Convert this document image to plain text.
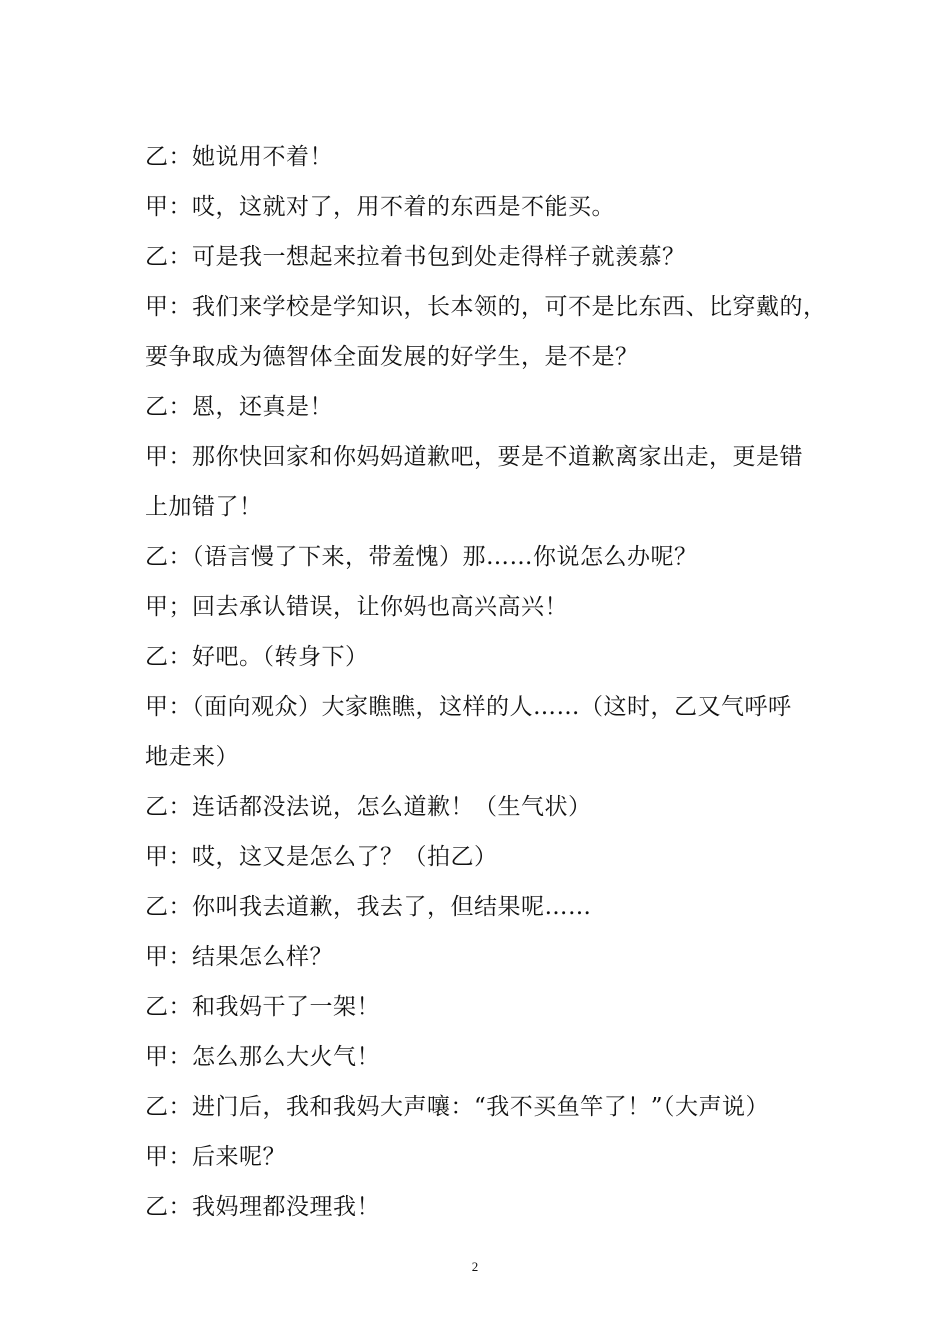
乙：她说用不着！
甲：哎，这就对了，用不着的东西是不能买。
乙：可是我一想起来拉着书包到处走得样子就羡慕？
甲：我们来学校是学知识，长本领的，可不是比东西、比穿戴的，
要争取成为德智体全面发展的好学生，是不是？
乙：恩，还真是！
甲：那你快回家和你妈妈道歉吧，要是不道歉离家出走，更是错
上加错了！
乙：（语言慢了下来，带羞愧）那……你说怎么办呢？
甲；回去承认错误，让你妈也高兴高兴！
乙：好吧。（转身下）
甲：（面向观众）大家瞧瞧，这样的人……（这时，乙又气呼呼
地走来）
乙：连话都没法说，怎么道歉！（生气状）
甲：哎，这又是怎么了？（拍乙）
乙：你叫我去道歉，我去了，但结果呢……
甲：结果怎么样？
乙：和我妈干了一架！
甲：怎么那么大火气！
乙：进门后，我和我妈大声嚷：“我不买鱼竿了！”（大声说）
甲：后来呢？
乙：我妈理都没理我！
2
